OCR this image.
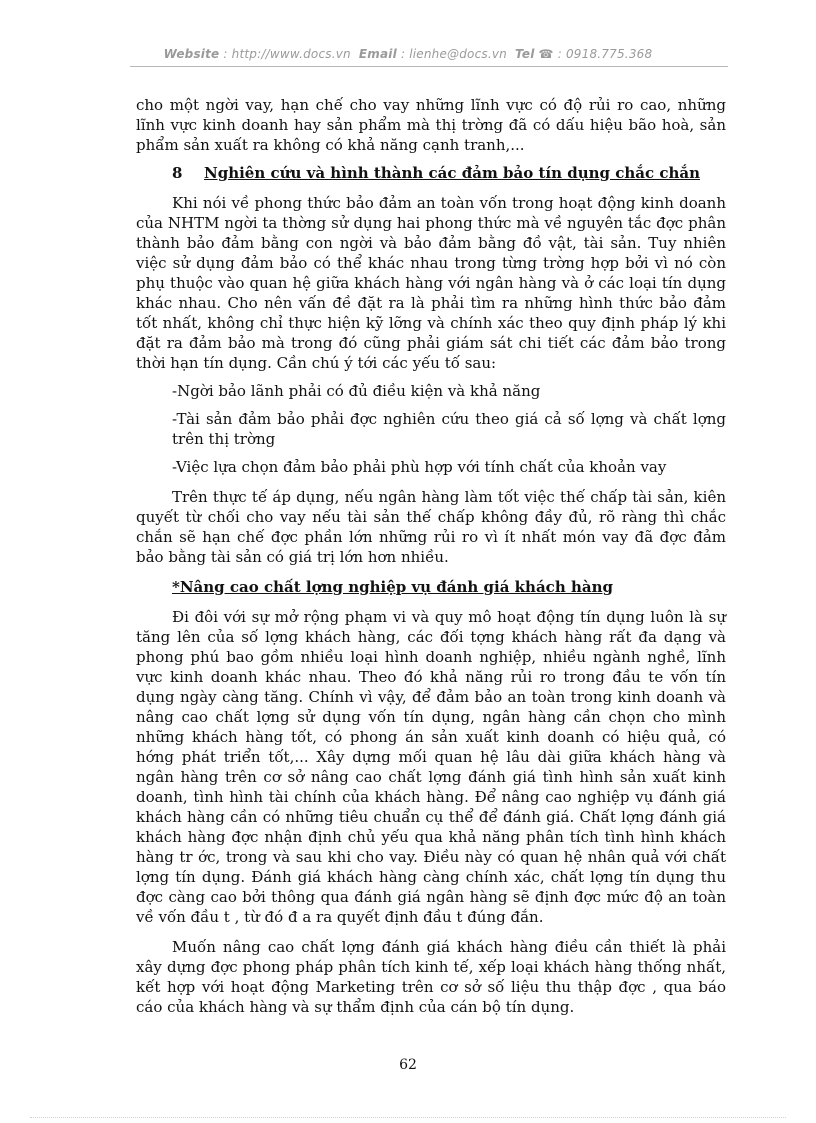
Website : http://www.docs.vn Email : lienhe@docs.vn Tel ☎ : 0918.775.368

cho một ngời vay, hạn chế cho vay những lĩnh vực có độ rủi ro cao, những lĩnh vực kinh doanh hay sản phẩm mà thị trờng đã có dấu hiệu bão hoà, sản phẩm sản xuất ra không có khả năng cạnh tranh,...

8 Nghiên cứu và hình thành các đảm bảo tín dụng chắc chắn

Khi nói về phong thức bảo đảm an toàn vốn trong hoạt động kinh doanh của NHTM ngời ta thờng sử dụng hai phong thức mà về nguyên tắc đợc phân thành bảo đảm bằng con ngời và bảo đảm bằng đồ vật, tài sản. Tuy nhiên việc sử dụng đảm bảo có thể khác nhau trong từng trờng hợp bởi vì nó còn phụ thuộc vào quan hệ giữa khách hàng với ngân hàng và ở các loại tín dụng khác nhau. Cho nên vấn đề đặt ra là phải tìm ra những hình thức bảo đảm tốt nhất, không chỉ thực hiện kỹ lỡng và chính xác theo quy định pháp lý khi đặt ra đảm bảo mà trong đó cũng phải giám sát chi tiết các đảm bảo trong thời hạn tín dụng. Cần chú ý tới các yếu tố sau:

-Ngời bảo lãnh phải có đủ điều kiện và khả năng

-Tài sản đảm bảo phải đợc nghiên cứu theo giá cả số lợng và chất lợng trên thị trờng

-Việc lựa chọn đảm bảo phải phù hợp với tính chất của khoản vay

Trên thực tế áp dụng, nếu ngân hàng làm tốt việc thế chấp tài sản, kiên quyết từ chối cho vay nếu tài sản thế chấp không đầy đủ, rõ ràng thì chắc chắn sẽ hạn chế đợc phần lớn những rủi ro vì ít nhất món vay đã đợc đảm bảo bằng tài sản có giá trị lớn hơn nhiều.

*Nâng cao chất lợng nghiệp vụ đánh giá khách hàng

Đi đôi với sự mở rộng phạm vi và quy mô hoạt động tín dụng luôn là sự tăng lên của số lợng khách hàng, các đối tợng khách hàng rất đa dạng và phong phú bao gồm nhiều loại hình doanh nghiệp, nhiều ngành nghề, lĩnh vực kinh doanh khác nhau. Theo đó khả năng rủi ro trong đầu te vốn tín dụng ngày càng tăng. Chính vì vậy, để đảm bảo an toàn trong kinh doanh và nâng cao chất lợng sử dụng vốn tín dụng, ngân hàng cần chọn cho mình những khách hàng tốt, có phong án sản xuất kinh doanh có hiệu quả, có hớng phát triển tốt,... Xây dựng mối quan hệ lâu dài giữa khách hàng và ngân hàng trên cơ sở nâng cao chất lợng đánh giá tình hình sản xuất kinh doanh, tình hình tài chính của khách hàng. Để nâng cao nghiệp vụ đánh giá khách hàng cần có những tiêu chuẩn cụ thể để đánh giá. Chất lợng đánh giá khách hàng đợc nhận định chủ yếu qua khả năng phân tích tình hình khách hàng tr ớc, trong và sau khi cho vay. Điều này có quan hệ nhân quả với chất lợng tín dụng. Đánh giá khách hàng càng chính xác, chất lợng tín dụng thu đợc càng cao bởi thông qua đánh giá ngân hàng sẽ định đợc mức độ an toàn về vốn đầu t , từ đó đ a ra quyết định đầu t đúng đắn.

Muốn nâng cao chất lợng đánh giá khách hàng điều cần thiết là phải xây dựng đợc phong pháp phân tích kinh tế, xếp loại khách hàng thống nhất, kết hợp với hoạt động Marketing trên cơ sở số liệu thu thập đợc , qua báo cáo của khách hàng và sự thẩm định của cán bộ tín dụng.

62
